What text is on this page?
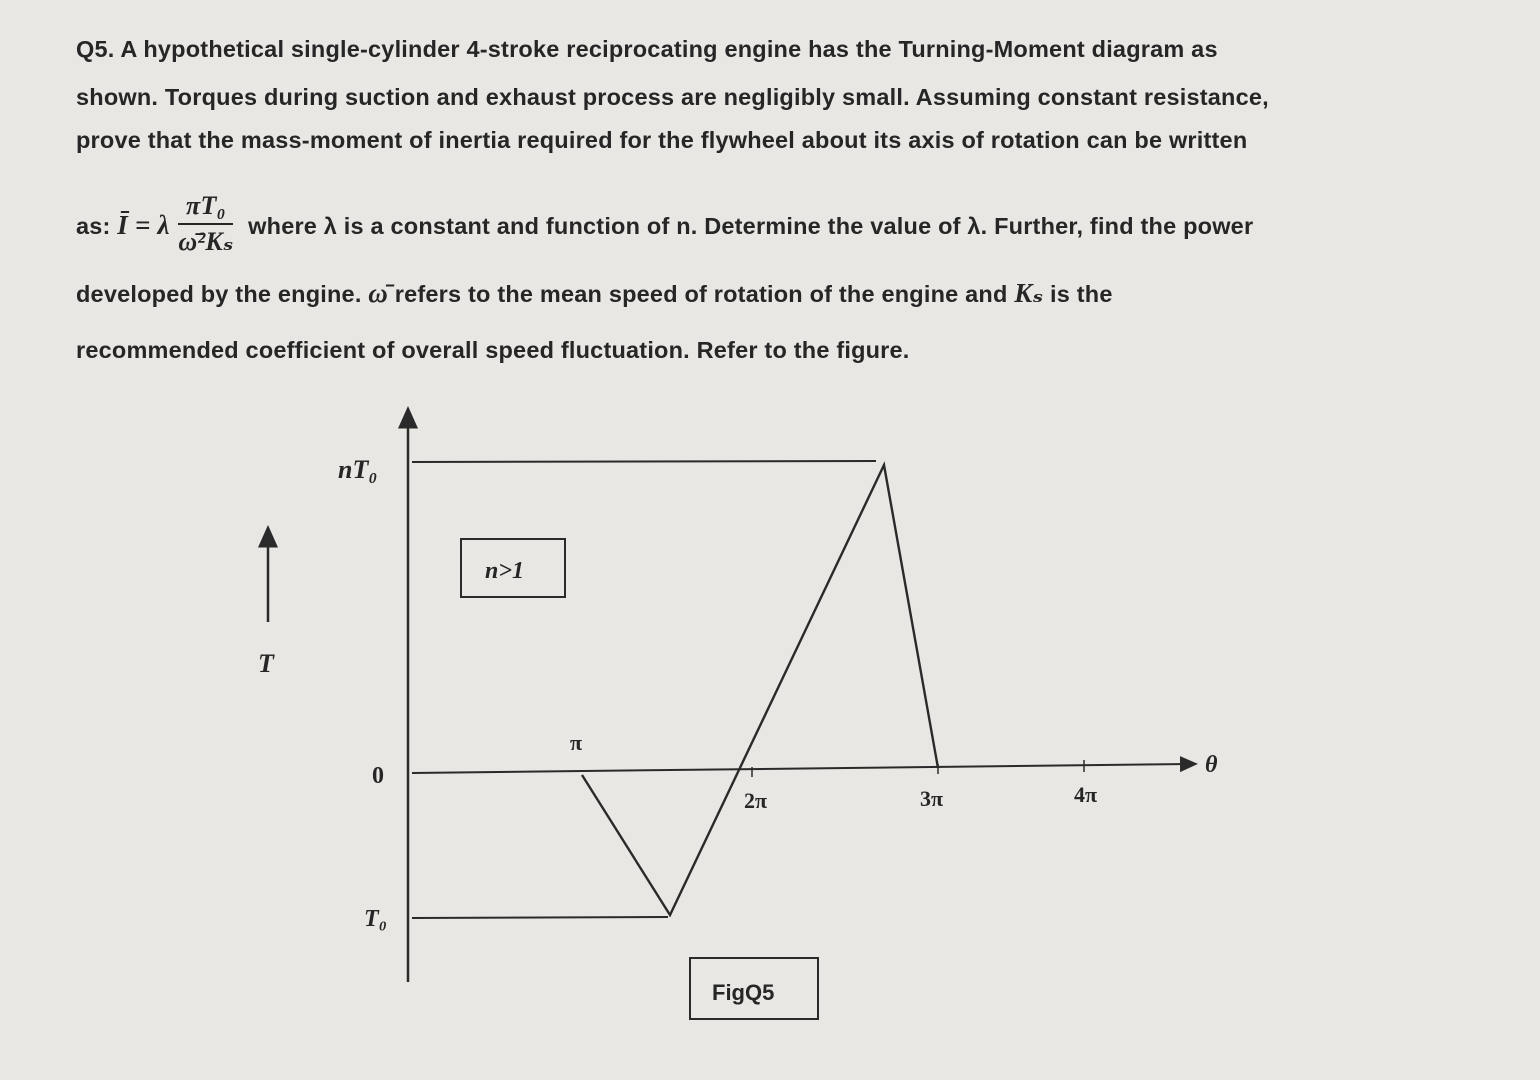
Q5. A hypothetical single-cylinder 4-stroke reciprocating engine has the Turning-Moment diagram as
shown. Torques during suction and exhaust process are negligibly small. Assuming constant resistance,
prove that the mass-moment of inertia required for the flywheel about its axis of rotation can be written
as: Ī = λ $\frac{\text{πT₀}}{\text{ω̄²Kₛ}}$ where λ is a constant and function of n. Determine the value of λ. Further, find the power
developed by the engine. ω̄ refers to the mean speed of rotation of the engine and Kₛ is the
recommended coefficient of overall speed fluctuation. Refer to the figure.
nT₀
0
T₀
T
θ
π
2π	3π	4π
n>1
FigQ5
